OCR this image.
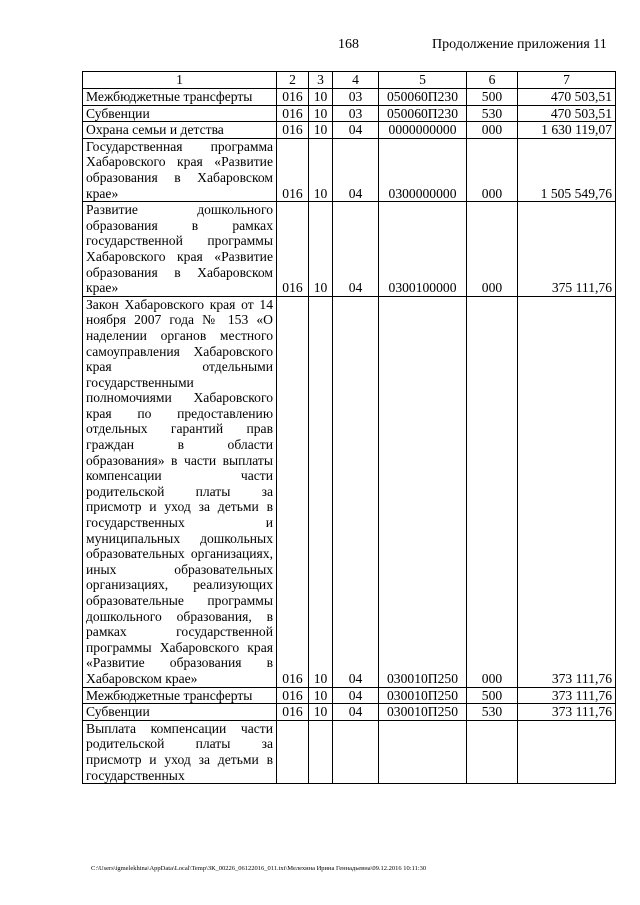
168	Продолжение приложения 11
1	2	3	4	5	6	7
Межбюджетные трансферты	016	10	03	050060П230	500	470 503,51
Субвенции	016	10	03	050060П230	530	470 503,51
Охрана семьи и детства	016	10	04	0000000000	000	1 630 119,07
Государственная программа Хабаровского края «Развитие образования в Хабаровском крае»	016	10	04	0300000000	000	1 505 549,76
Развитие дошкольного образования в рамках государственной программы Хабаровского края «Развитие образования в Хабаровском крае»	016	10	04	0300100000	000	375 111,76
Закон Хабаровского края от 14 ноября 2007 года № 153 «О наделении органов местного самоуправления Хабаровского края отдельными государственными полномочиями Хабаровского края по предоставлению отдельных гарантий прав граждан в области образования» в части выплаты компенсации части родительской платы за присмотр и уход за детьми в государственных и муниципальных дошкольных образовательных организациях, иных образовательных организациях, реализующих образовательные программы дошкольного образования, в рамках государственной программы Хабаровского края «Развитие образования в Хабаровском крае»	016	10	04	030010П250	000	373 111,76
Межбюджетные трансферты	016	10	04	030010П250	500	373 111,76
Субвенции	016	10	04	030010П250	530	373 111,76
Выплата компенсации части родительской платы за присмотр и уход за детьми в государственных						
C:\Users\igmelekhina\AppData\Local\Temp\ЗК_00226_06122016_011.txt\Мелехина Ирина Геннадьевна\09.12.2016 10:11:30
